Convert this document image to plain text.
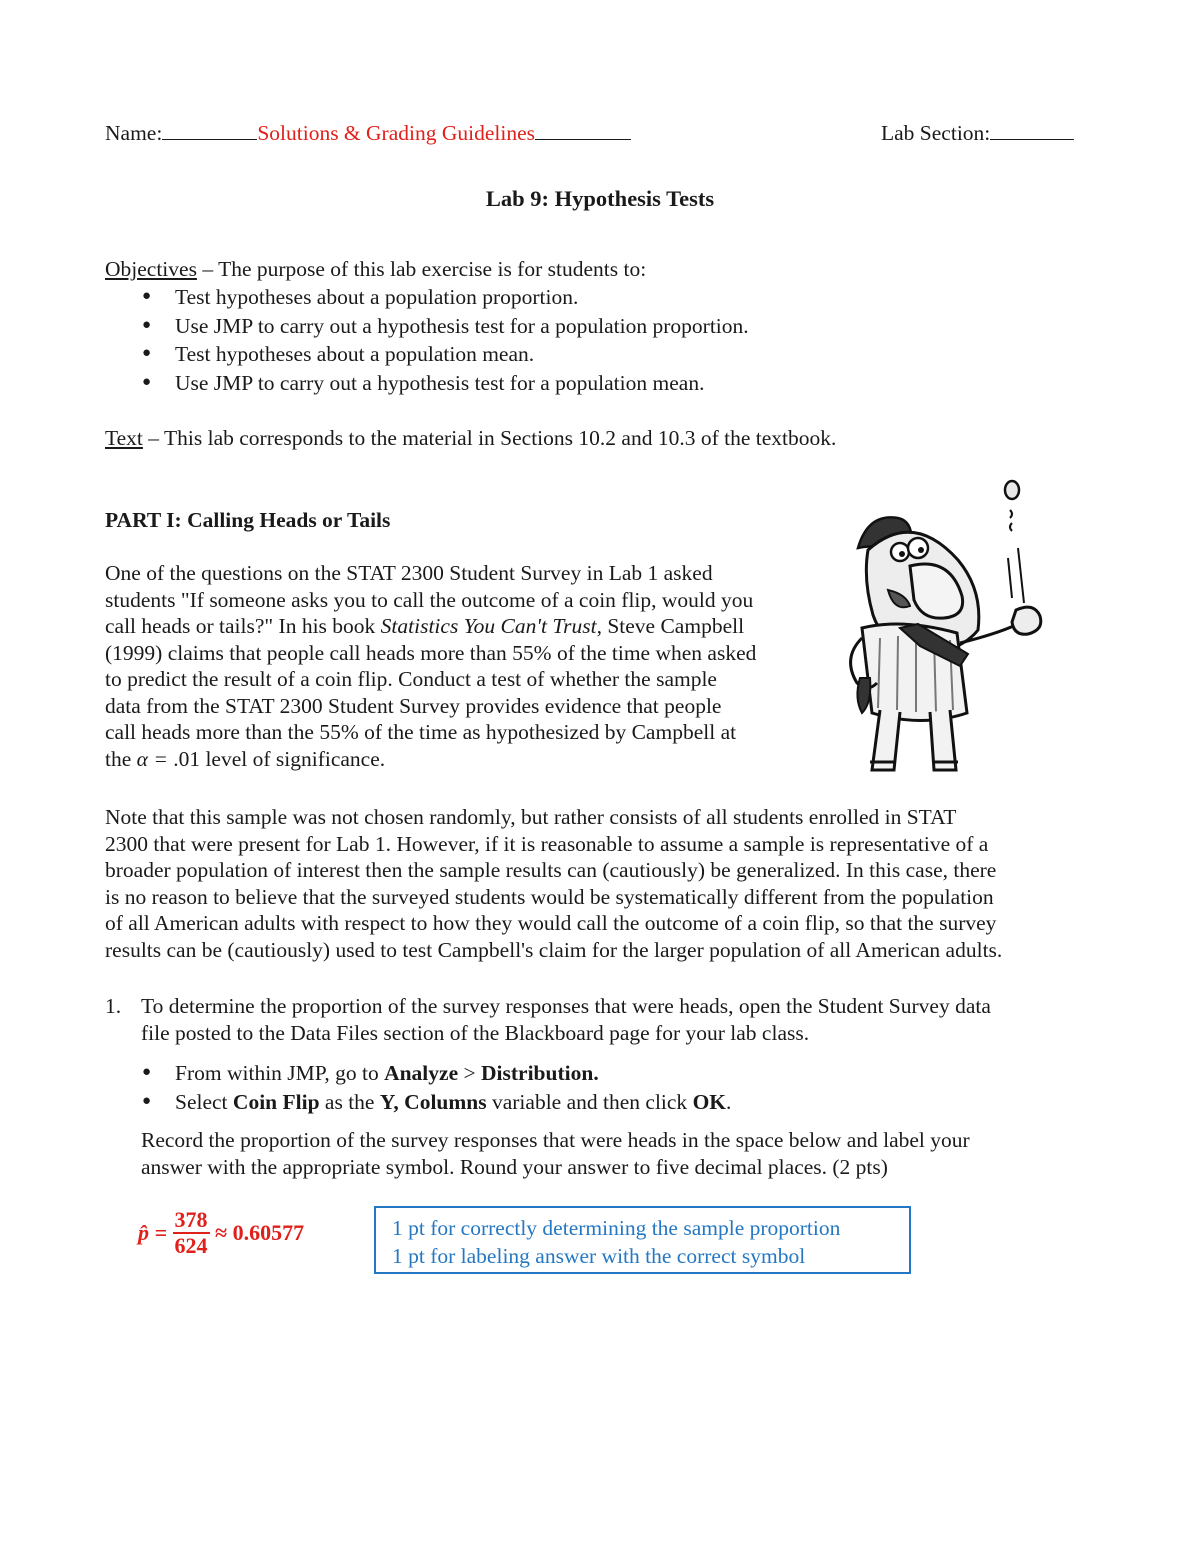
Name:	Solutions & Grading Guidelines	Lab Section:
Lab 9: Hypothesis Tests
Objectives – The purpose of this lab exercise is for students to:
● Test hypotheses about a population proportion.
● Use JMP to carry out a hypothesis test for a population proportion.
● Test hypotheses about a population mean.
● Use JMP to carry out a hypothesis test for a population mean.
Text – This lab corresponds to the material in Sections 10.2 and 10.3 of the textbook.
PART I: Calling Heads or Tails
One of the questions on the STAT 2300 Student Survey in Lab 1 asked
students "If someone asks you to call the outcome of a coin flip, would you
call heads or tails?" In his book Statistics You Can't Trust, Steve Campbell
(1999) claims that people call heads more than 55% of the time when asked
to predict the result of a coin flip. Conduct a test of whether the sample
data from the STAT 2300 Student Survey provides evidence that people
call heads more than the 55% of the time as hypothesized by Campbell at
the α = .01 level of significance.
Note that this sample was not chosen randomly, but rather consists of all students enrolled in STAT
2300 that were present for Lab 1. However, if it is reasonable to assume a sample is representative of a
broader population of interest then the sample results can (cautiously) be generalized. In this case, there
is no reason to believe that the surveyed students would be systematically different from the population
of all American adults with respect to how they would call the outcome of a coin flip, so that the survey
results can be (cautiously) used to test Campbell's claim for the larger population of all American adults.
1. To determine the proportion of the survey responses that were heads, open the Student Survey data
file posted to the Data Files section of the Blackboard page for your lab class.
● From within JMP, go to Analyze > Distribution.
● Select Coin Flip as the Y, Columns variable and then click OK.
Record the proportion of the survey responses that were heads in the space below and label your
answer with the appropriate symbol. Round your answer to five decimal places. (2 pts)
p̂ = $\frac{378}{624} \approx 0.60577$	1 pt for correctly determining the sample proportion
1 pt for labeling answer with the correct symbol
